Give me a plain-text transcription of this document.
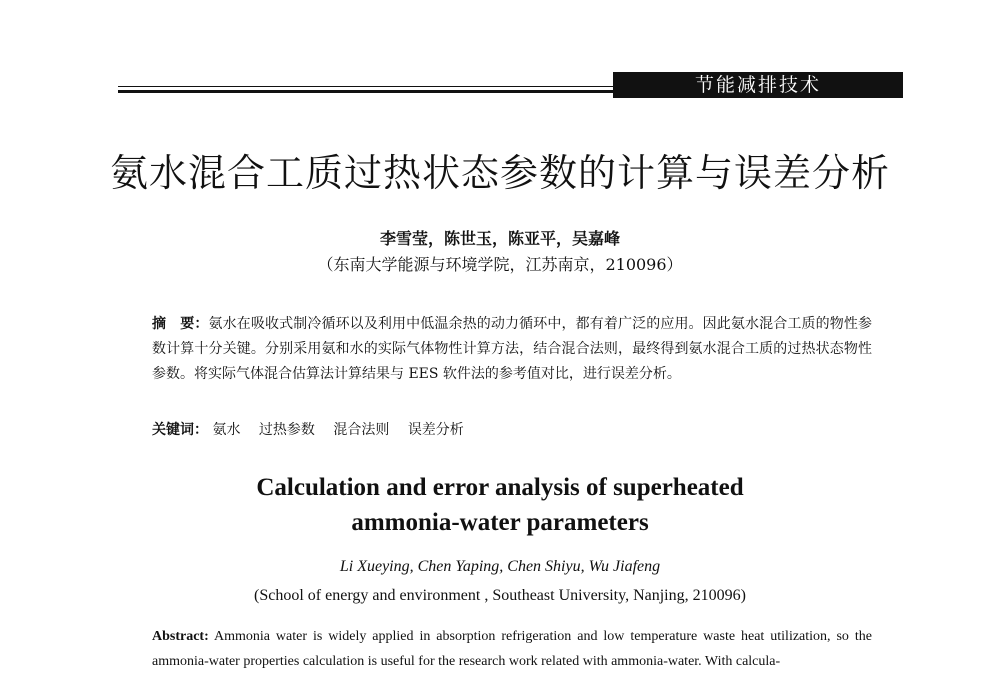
节能减排技术
氨水混合工质过热状态参数的计算与误差分析
李雪莹，陈世玉，陈亚平，吴嘉峰
（东南大学能源与环境学院，江苏南京，210096）
摘　要：氨水在吸收式制冷循环以及利用中低温余热的动力循环中，都有着广泛的应用。因此氨水混合工质的物性参数计算十分关键。分别采用氨和水的实际气体物性计算方法，结合混合法则，最终得到氨水混合工质的过热状态物性参数。将实际气体混合估算法计算结果与 EES 软件法的参考值对比，进行误差分析。
关键词： 氨水 过热参数 混合法则 误差分析
Calculation and error analysis of superheated
ammonia-water parameters
Li Xueying, Chen Yaping, Chen Shiyu, Wu Jiafeng
(School of energy and environment , Southeast University, Nanjing, 210096)
Abstract: Ammonia water is widely applied in absorption refrigeration and low temperature waste heat utilization, so the ammonia-water properties calculation is useful for the research work related with ammonia-water. With calcula-
